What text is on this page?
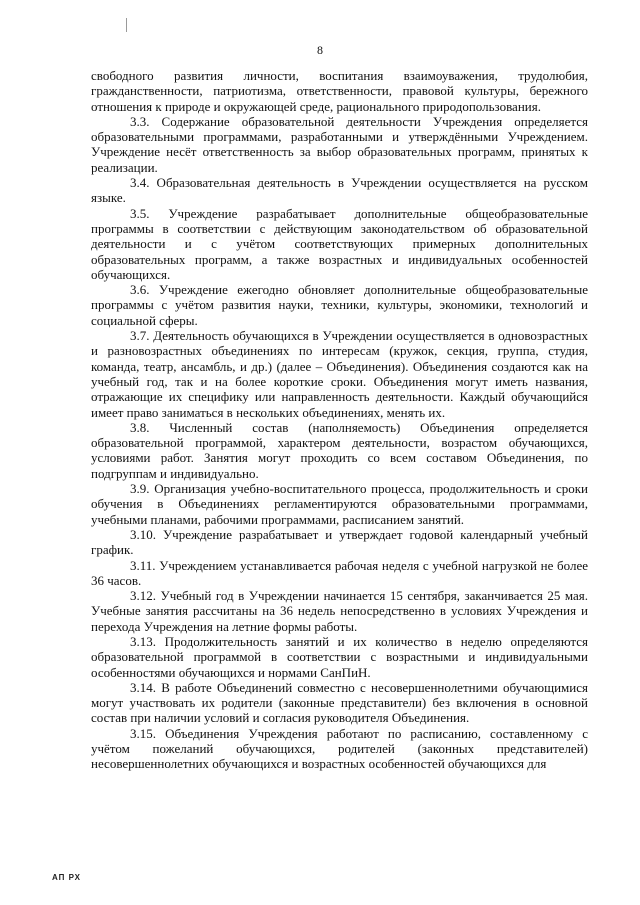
8

свободного развития личности, воспитания взаимоуважения, трудолюбия, гражданственности, патриотизма, ответственности, правовой культуры, бережного отношения к природе и окружающей среде, рационального природопользования.

3.3. Содержание образовательной деятельности Учреждения определяется образовательными программами, разработанными и утверждёнными Учреждением. Учреждение несёт ответственность за выбор образовательных программ, принятых к реализации.

3.4. Образовательная деятельность в Учреждении осуществляется на русском языке.

3.5. Учреждение разрабатывает дополнительные общеобразовательные программы в соответствии с действующим законодательством об образовательной деятельности и с учётом соответствующих примерных дополнительных образовательных программ, а также возрастных и индивидуальных особенностей обучающихся.

3.6. Учреждение ежегодно обновляет дополнительные общеобразовательные программы с учётом развития науки, техники, культуры, экономики, технологий и социальной сферы.

3.7. Деятельность обучающихся в Учреждении осуществляется в одновозрастных и разновозрастных объединениях по интересам (кружок, секция, группа, студия, команда, театр, ансамбль, и др.) (далее – Объединения). Объединения создаются как на учебный год, так и на более короткие сроки. Объединения могут иметь названия, отражающие их специфику или направленность деятельности. Каждый обучающийся имеет право заниматься в нескольких объединениях, менять их.

3.8. Численный состав (наполняемость) Объединения определяется образовательной программой, характером деятельности, возрастом обучающихся, условиями работ. Занятия могут проходить со всем составом Объединения, по подгруппам и индивидуально.

3.9. Организация учебно-воспитательного процесса, продолжительность и сроки обучения в Объединениях регламентируются образовательными программами, учебными планами, рабочими программами, расписанием занятий.

3.10. Учреждение разрабатывает и утверждает годовой календарный учебный график.

3.11. Учреждением устанавливается рабочая неделя с учебной нагрузкой не более 36 часов.

3.12. Учебный год в Учреждении начинается 15 сентября, заканчивается 25 мая. Учебные занятия рассчитаны на 36 недель непосредственно в условиях Учреждения и перехода Учреждения на летние формы работы.

3.13. Продолжительность занятий и их количество в неделю определяются образовательной программой в соответствии с возрастными и индивидуальными особенностями обучающихся и нормами СанПиН.

3.14. В работе Объединений совместно с несовершеннолетними обучающимися могут участвовать их родители (законные представители) без включения в основной состав при наличии условий и согласия руководителя Объединения.

3.15. Объединения Учреждения работают по расписанию, составленному с учётом пожеланий обучающихся, родителей (законных представителей) несовершеннолетних обучающихся и возрастных особенностей обучающихся для

АП РХ
